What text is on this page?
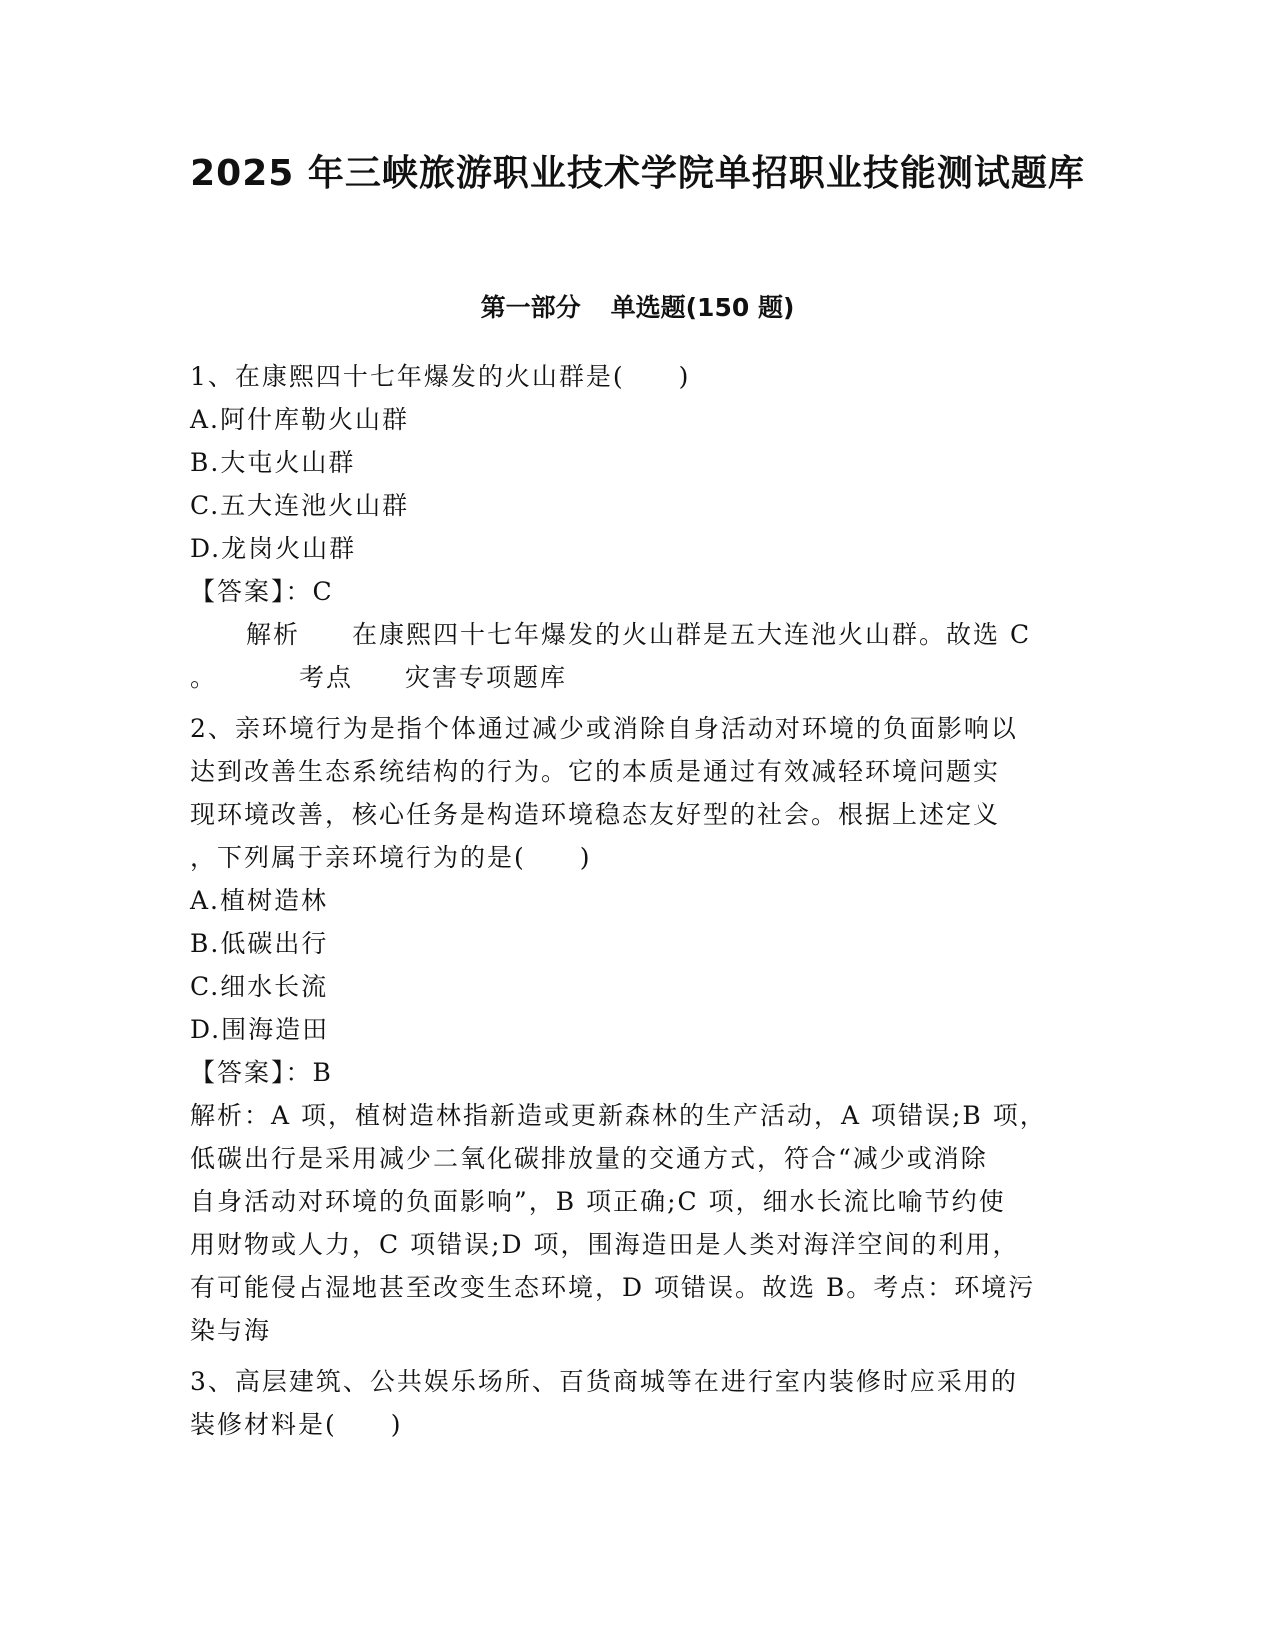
2025 年三峡旅游职业技术学院单招职业技能测试题库
第一部分 单选题(150 题)
1、在康熙四十七年爆发的火山群是(　　)
A.阿什库勒火山群
B.大屯火山群
C.五大连池火山群
D.龙岗火山群
【答案】：C
解析 在康熙四十七年爆发的火山群是五大连池火山群。故选 C
。	考点 灾害专项题库
2、亲环境行为是指个体通过减少或消除自身活动对环境的负面影响以
达到改善生态系统结构的行为。它的本质是通过有效减轻环境问题实
现环境改善，核心任务是构造环境稳态友好型的社会。根据上述定义
，下列属于亲环境行为的是(　　)
A.植树造林
B.低碳出行
C.细水长流
D.围海造田
【答案】：B
解析：A 项，植树造林指新造或更新森林的生产活动，A 项错误;B 项，
低碳出行是采用减少二氧化碳排放量的交通方式，符合“减少或消除
自身活动对环境的负面影响”，B 项正确;C 项，细水长流比喻节约使
用财物或人力，C 项错误;D 项，围海造田是人类对海洋空间的利用，
有可能侵占湿地甚至改变生态环境，D 项错误。故选 B。考点：环境污
染与海
3、高层建筑、公共娱乐场所、百货商城等在进行室内装修时应采用的
装修材料是(　　)
